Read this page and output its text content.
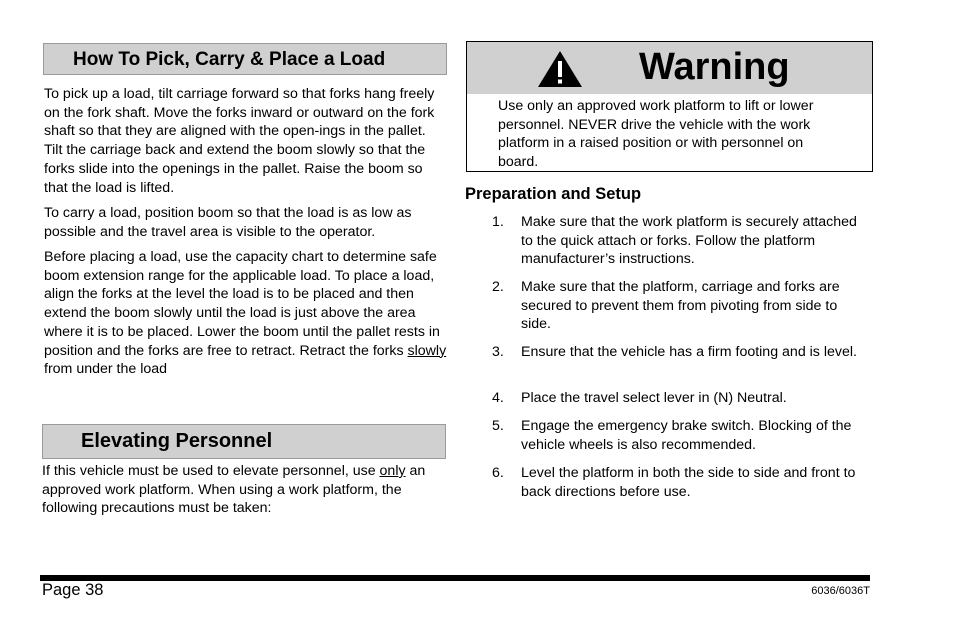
How To Pick, Carry & Place a Load

To pick up a load, tilt carriage forward so that forks hang freely on the fork shaft. Move the forks inward or outward on the fork shaft so that they are aligned with the open-ings in the pallet. Tilt the carriage back and extend the boom slowly so that the forks slide into the openings in the pallet. Raise the boom so that the load is lifted.

To carry a load, position boom so that the load is as low as possible and the travel area is visible to the operator.

Before placing a load, use the capacity chart to determine safe boom extension range for the applicable load. To place a load, align the forks at the level the load is to be placed and then extend the boom slowly until the load is just above the area where it is to be placed. Lower the boom until the pallet rests in position and the forks are free to retract. Retract the forks slowly from under the load

Elevating Personnel

If this vehicle must be used to elevate personnel, use only an approved work platform. When using a work platform, the following precautions must be taken:

Warning
Use only an approved work platform to lift or lower personnel. NEVER drive the vehicle with the work platform in a raised position or with personnel on board.
Preparation and Setup
1. Make sure that the work platform is securely attached to the quick attach or forks. Follow the platform manufacturer’s instructions.
2. Make sure that the platform, carriage and forks are secured to prevent them from pivoting from side to side.
3. Ensure that the vehicle has a firm footing and is level.
4. Place the travel select lever in (N) Neutral.
5. Engage the emergency brake switch. Blocking of the vehicle wheels is also recommended.
6. Level the platform in both the side to side and front to back directions before use.
Page 38	6036/6036T
